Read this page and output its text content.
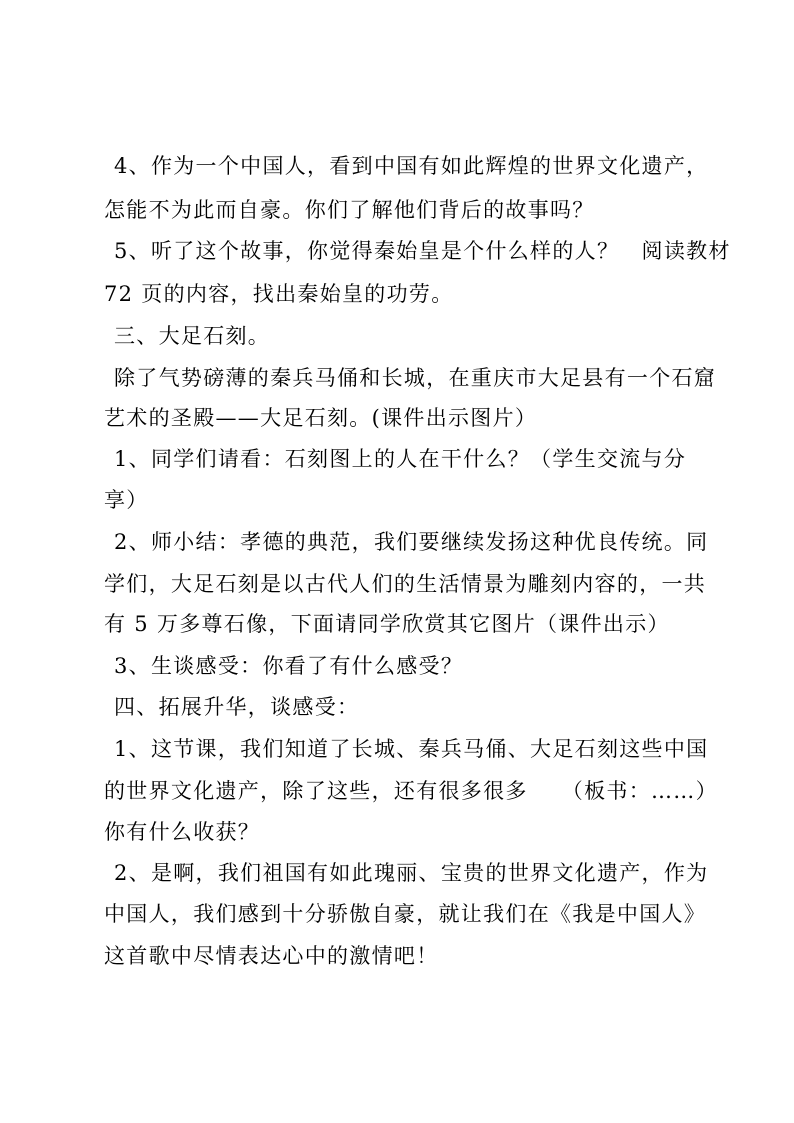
4、作为一个中国人，看到中国有如此辉煌的世界文化遗产，
怎能不为此而自豪。你们了解他们背后的故事吗？
5、听了这个故事，你觉得秦始皇是个什么样的人？　阅读教材
72 页的内容，找出秦始皇的功劳。
三、大足石刻。
除了气势磅薄的秦兵马俑和长城，在重庆市大足县有一个石窟
艺术的圣殿——大足石刻。(课件出示图片）
1、同学们请看：石刻图上的人在干什么？（学生交流与分
享）
2、师小结：孝德的典范，我们要继续发扬这种优良传统。同
学们，大足石刻是以古代人们的生活情景为雕刻内容的，一共
有 5 万多尊石像，下面请同学欣赏其它图片（课件出示）
3、生谈感受：你看了有什么感受？
四、拓展升华，谈感受：
1、这节课，我们知道了长城、秦兵马俑、大足石刻这些中国
的世界文化遗产，除了这些，还有很多很多　　（板书：……）
你有什么收获？
2、是啊，我们祖国有如此瑰丽、宝贵的世界文化遗产，作为
中国人，我们感到十分骄傲自豪，就让我们在《我是中国人》
这首歌中尽情表达心中的激情吧！
